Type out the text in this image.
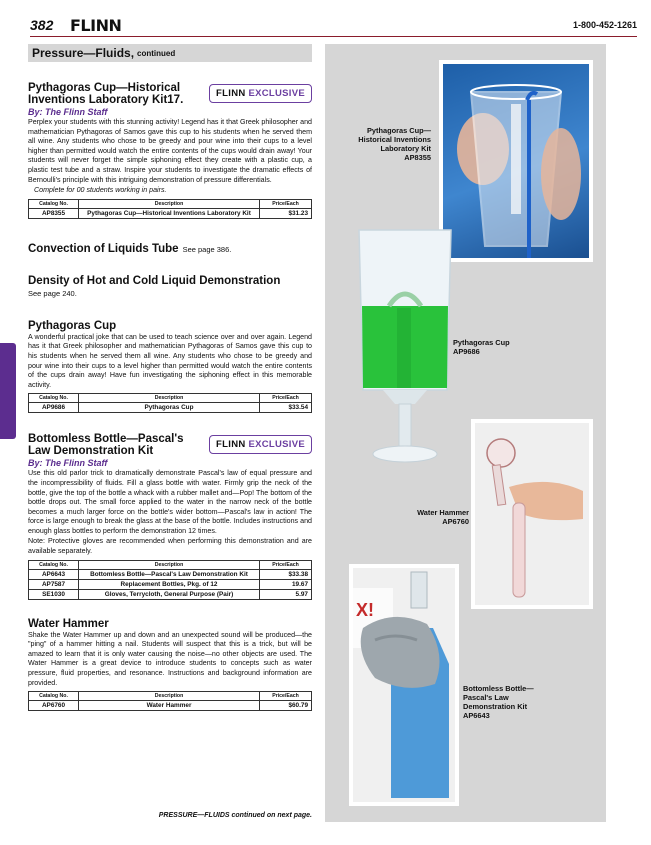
382	FLINN	1-800-452-1261
Pressure—Fluids, continued
Pythagoras Cup—Historical Inventions Laboratory Kit17.
FLINN EXCLUSIVE
By: The Flinn Staff

Perplex your students with this stunning activity! Legend has it that Greek philosopher and mathematician Pythagoras of Samos gave this cup to his students when he served them all wine. Any students who chose to be greedy and pour wine into their cups to a level higher than permitted would watch the entire contents of the cups would drain away! Your students will never forget the simple siphoning effect they create with a plastic cup, a plastic test tube and a straw. Inspire your students to investigate the dramatic effects of Bernoulli's principle with this intriguing demonstration of pressure differentials.

Complete for 00 students working in pairs.

Catalog No.	Description	Price/Each
AP8355	Pythagoras Cup—Historical Inventions Laboratory Kit	$31.23
Convection of Liquids Tube See page 386.
Density of Hot and Cold Liquid Demonstration
See page 240.
Pythagoras Cup

A wonderful practical joke that can be used to teach science over and over again. Legend has it that Greek philosopher and mathematician Pythagoras of Samos gave this cup to his students when he served them all wine. Any students who chose to be greedy and pour wine into their cups to a level higher than permitted would watch the entire contents of the cups drain away! Have fun investigating the siphoning effect in this memorable activity.

Catalog No.	Description	Price/Each
AP9686	Pythagoras Cup	$33.54
Bottomless Bottle—Pascal's Law Demonstration Kit
FLINN EXCLUSIVE
By: The Flinn Staff

Use this old parlor trick to dramatically demonstrate Pascal's law of equal pressure and the incompressibility of fluids. Fill a glass bottle with water. Firmly grip the neck of the bottle, give the top of the bottle a whack with a rubber mallet and—Pop! The bottom of the bottle drops out. The small force applied to the water in the narrow neck of the bottle becomes a much larger force on the bottle's wider bottom—Pascal's law in action! The force is large enough to break the glass at the base of the bottle. Includes instructions and enough glass bottles to perform the demonstration 12 times.

Note: Protective gloves are recommended when performing this demonstration and are available separately.

Catalog No.	Description	Price/Each
AP6643	Bottomless Bottle—Pascal's Law Demonstration Kit	$33.38
AP7587	Replacement Bottles, Pkg. of 12	19.67
SE1030	Gloves, Terrycloth, General Purpose (Pair)	5.97
Water Hammer

Shake the Water Hammer up and down and an unexpected sound will be produced—the "ping" of a hammer hitting a nail. Students will suspect that this is a trick, but will be amazed to learn that it is only water causing the noise—no other objects are used. The Water Hammer is a great device to introduce students to concepts such as water pressure, fluid properties, and resonance. Instructions and background information are provided.

Catalog No.	Description	Price/Each
AP6760	Water Hammer	$60.79
Pythagoras Cup—
Historical Inventions
Laboratory Kit
AP8355
Pythagoras Cup
AP9686
Water Hammer
AP6760
X!
Bottomless Bottle—
Pascal's Law
Demonstration Kit
AP6643
PRESSURE—FLUIDS continued on next page.
